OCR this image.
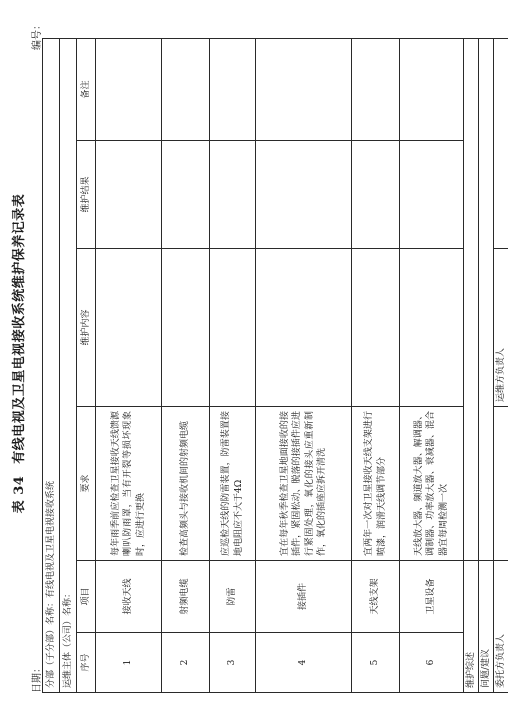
表 34有线电视及卫星电视接收系统维护保养记录表
日期：
编号：
分部（子分部）名称：有线电视及卫星电视接收系统					
运维主体（公司）名称：					
序号	项目	要求	维护内容	维护结果	备注
1	接收天线	每年雨季前应检查卫星接收天线馈源喇叭防雨罩，当有开裂等损坏现象时，应进行更换			
2	射频电缆	检查高频头与接收机间的射频电缆			
3	防雷	应巡检天线的防雷装置，防雷装置接地电阻应不大于4Ω			
4	接插件	宜在每年秋季检查卫星地面接收的接插件，紧固松动、脱落的接插件应进行紧固处理，氧化的接头应重新制作，氧化的插座应拆开清洗			
5	天线支架	宜两年一次对卫星接收天线支架进行喷漆，润滑天线调节部分			
6	卫星设备	天线放大器、频道放大器、解调器、调制器、功率放大器、衰减器、混合器宜每周检测一次			
维护综述					
问题/建议					
委托方负责人			运维方负责人		
